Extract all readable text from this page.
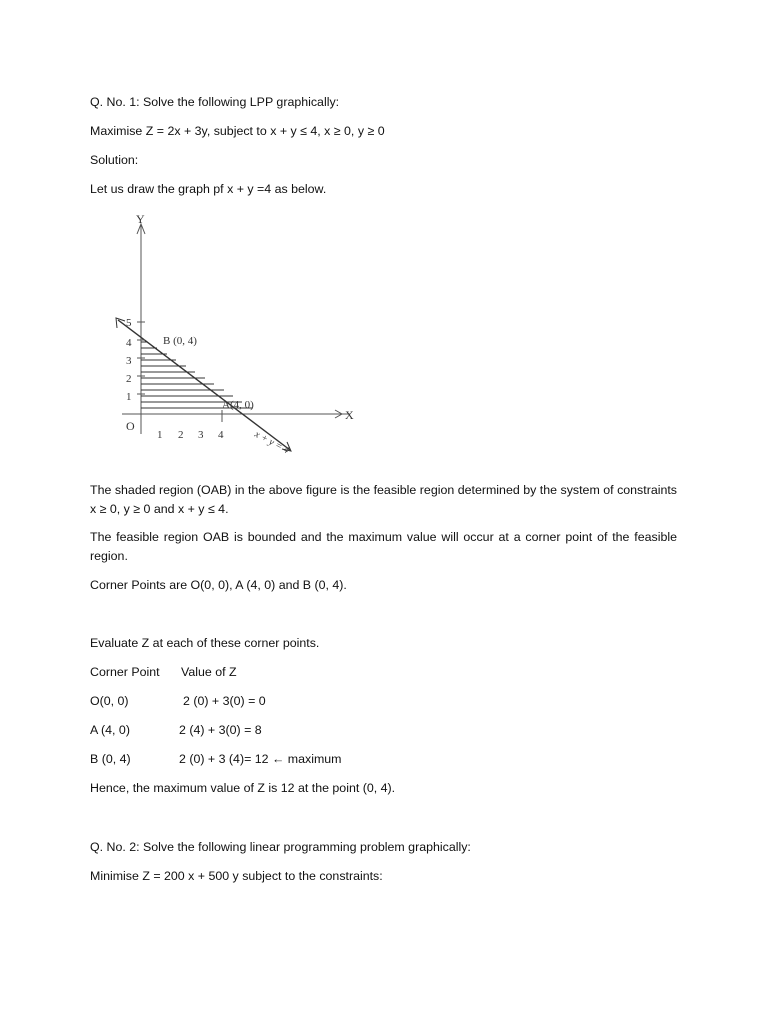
Q. No. 1: Solve the following LPP graphically:
Maximise Z = 2x + 3y, subject to x + y ≤ 4, x ≥ 0, y ≥ 0
Solution:
Let us draw the graph pf x + y =4 as below.
Y
X
O
1
2
3
4
5
1 2 3 4
B (0, 4)
A(4, 0)
x + y = 4
The shaded region (OAB) in the above figure is the feasible region determined by the system of constraints x ≥ 0, y ≥ 0 and x + y ≤ 4.
The feasible region OAB is bounded and the maximum value will occur at a corner point of the feasible region.
Corner Points are O(0, 0), A (4, 0) and B (0, 4).
Evaluate Z at each of these corner points.
Corner Point Value of Z
O(0, 0)	2 (0) + 3(0) = 0
A (4, 0)	2 (4) + 3(0) = 8
B (0, 4)	2 (0) + 3 (4)= 12 ← maximum
Hence, the maximum value of Z is 12 at the point (0, 4).
Q. No. 2: Solve the following linear programming problem graphically:
Minimise Z = 200 x + 500 y subject to the constraints:
